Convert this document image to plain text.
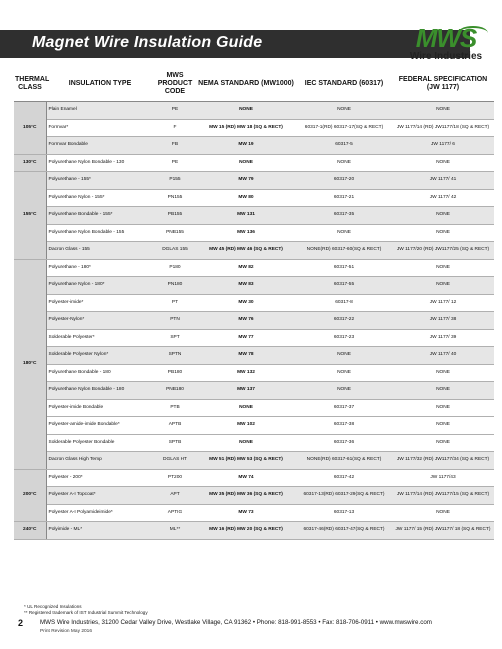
Magnet Wire Insulation Guide	MWS
Wire Industries
THERMAL CLASS	INSULATION TYPE	MWS PRODUCT CODE	NEMA STANDARD (MW1000)	IEC STANDARD (60317)	FEDERAL SPECIFICATION (JW 1177)
105°C	Plain Enamel	PE	NONE	NONE	NONE
	Formvar*	F	MW 15 (RD) MW 18 (SQ & RECT)	60317-1(RD) 60317-17(SQ & RECT)	JW 1177/14 (RD) JW1177/18 (SQ & RECT)
	Formvar Bondable	FB	MW 19	60317-5	JW 1177/ 6
130°C	Polyurethane Nylon Bondable - 130	PE	NONE	NONE	NONE
155°C	Polyurethane - 155*	P155	MW 79	60317-20	JW 1177/ 41
	Polyurethane Nylon - 155*	PN155	MW 80	60317-21	JW 1177/ 42
	Polyurethane Bondable - 155*	PB155	MW 131	60317-35	NONE
	Polyurethane Nylon Bondable - 155	PNB155	MW 136	NONE	NONE
	Dacron Glass - 155	DGLAS 155	MW 45 (RD) MW 46 (SQ & RECT)	NONE(RD) 60317-60(SQ & RECT)	JW 1177/20 (RD) JW1177/25 (SQ & RECT)
180°C	Polyurethane - 180*	P180	MW 82	60317-51	NONE
	Polyurethane Nylon - 180*	PN180	MW 83	60317-55	NONE
	Polyester-imide*	PT	MW 30	60317-8	JW 1177/ 12
	Polyester-Nylon*	PTN	MW 76	60317-22	JW 1177/ 38
	Solderable Polyester*	SPT	MW 77	60317-23	JW 1177/ 39
	Solderable Polyester Nylon*	SPTN	MW 78	NONE	JW 1177/ 40
	Polyurethane Bondable - 180	PB180	MW 132	NONE	NONE
	Polyurethane Nylon Bondable - 180	PNB180	MW 137	NONE	NONE
	Polyester-imide Bondable	PTB	NONE	60317-37	NONE
	Polyester-amide-imide Bondable*	APTB	MW 102	60317-38	NONE
	Solderable Polyester Bondable	SPTB	NONE	60317-36	NONE
	Dacron Glass High Temp	DGLAS HT	MW 51 (RD) MW 53 (SQ & RECT)	NONE(RD) 60317-61(SQ & RECT)	JW 1177/32 (RD) JW1177/34 (SQ & RECT)
200°C	Polyester - 200*	PT200	MW 74	60317-42	JW 1177/43
	Polyester A-I Topcoat*	APT	MW 35 (RD) MW 36 (SQ & RECT)	60317-13(RD) 60317-29(SQ & RECT)	JW 1177/14 (RD) JW1177/15 (SQ & RECT)
	Polyester A-I Polyamideimide*	APTIG	MW 73	60317-13	NONE
240°C	Polyimide - ML*	ML**	MW 16 (RD) MW 20 (SQ & RECT)	60317-46(RD) 60317-47(SQ & RECT)	JW 1177/ 15 (RD) JW1177/ 18 (SQ & RECT)
* UL Recognized Insulations
** Registered trademark of IST Industrial Summit Technology
2	MWS Wire Industries, 31200 Cedar Valley Drive, Westlake Village, CA 91362 • Phone: 818-991-8553 • Fax: 818-706-0911 • www.mwswire.com
Print Revision May 2016
